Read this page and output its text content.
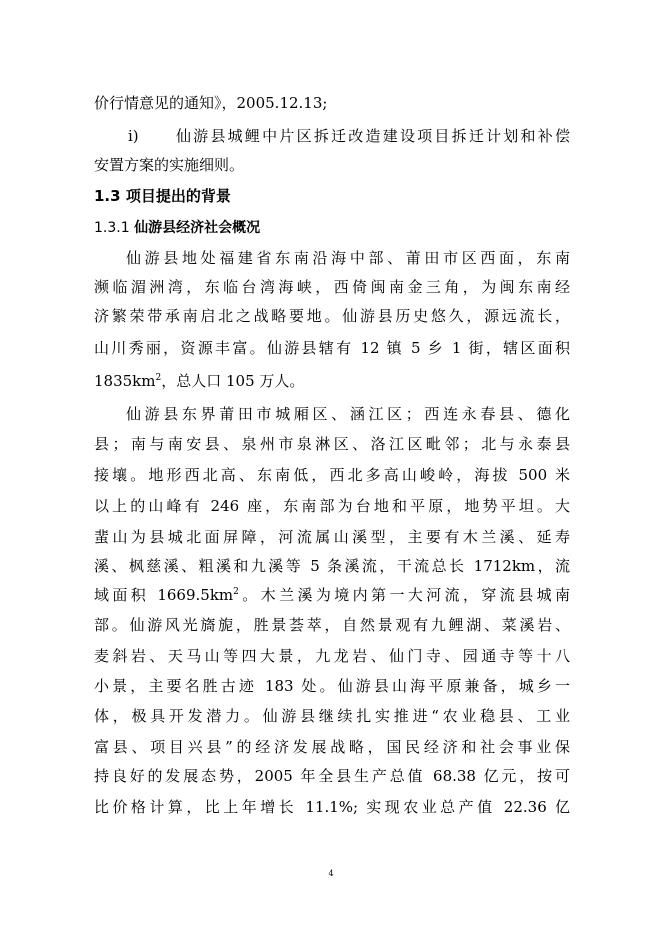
价行情意见的通知》，2005.12.13;
i) 仙游县城鲤中片区拆迁改造建设项目拆迁计划和补偿
安置方案的实施细则。
1.3 项目提出的背景
1.3.1 仙游县经济社会概况
仙游县地处福建省东南沿海中部、莆田市区西面，东南
濒临湄洲湾，东临台湾海峡，西倚闽南金三角，为闽东南经
济繁荣带承南启北之战略要地。仙游县历史悠久，源远流长，
山川秀丽，资源丰富。仙游县辖有 12 镇 5 乡 1 街，辖区面积
$1835km^2$，总人口 105 万人。
仙游县东界莆田市城厢区、涵江区；西连永春县、德化
县；南与南安县、泉州市泉淋区、洛江区毗邻；北与永泰县
接壤。地形西北高、东南低，西北多高山峻岭，海拔 500 米
以上的山峰有 246 座，东南部为台地和平原，地势平坦。大
蜚山为县城北面屏障，河流属山溪型，主要有木兰溪、延寿
溪、枫慈溪、粗溪和九溪等 5 条溪流，干流总长 1712km，流
域面积 $1669.5km^2$。木兰溪为境内第一大河流，穿流县城南
部。仙游风光旖旎，胜景荟萃，自然景观有九鲤湖、菜溪岩、
麦斜岩、天马山等四大景，九龙岩、仙门寺、园通寺等十八
小景，主要名胜古迹 183 处。仙游县山海平原兼备，城乡一
体，极具开发潜力。仙游县继续扎实推进“农业稳县、工业
富县、项目兴县”的经济发展战略，国民经济和社会事业保
持良好的发展态势，2005 年全县生产总值 68.38 亿元，按可
比价格计算，比上年增长 11.1%; 实现农业总产值 22.36 亿
4
